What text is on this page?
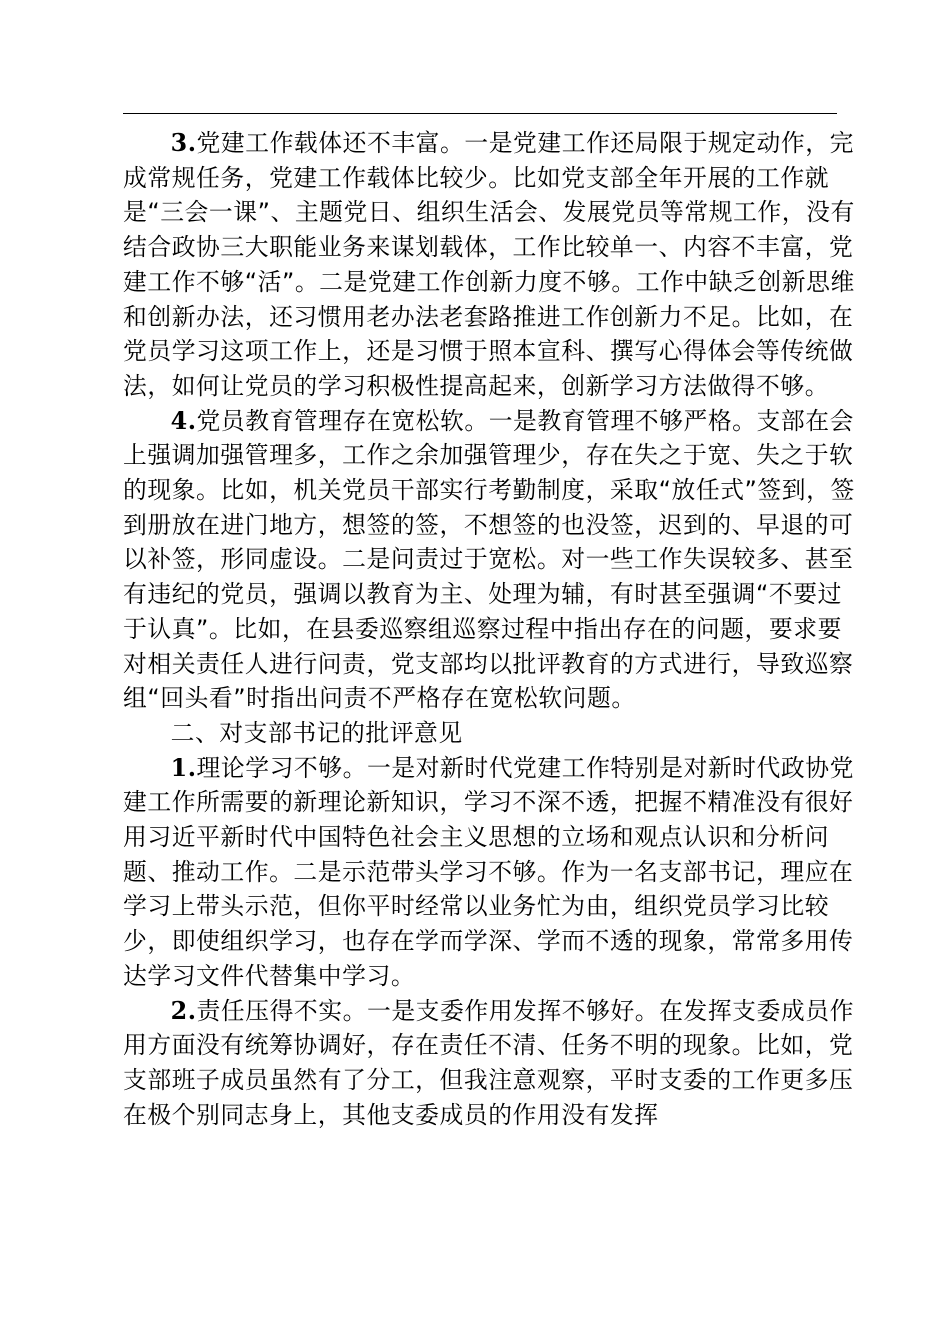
3.党建工作载体还不丰富。一是党建工作还局限于规定动作，完成常规任务，党建工作载体比较少。比如党支部全年开展的工作就是“三会一课”、主题党日、组织生活会、发展党员等常规工作，没有结合政协三大职能业务来谋划载体，工作比较单一、内容不丰富，党建工作不够“活”。二是党建工作创新力度不够。工作中缺乏创新思维和创新办法，还习惯用老办法老套路推进工作创新力不足。比如，在党员学习这项工作上，还是习惯于照本宣科、撰写心得体会等传统做法，如何让党员的学习积极性提高起来，创新学习方法做得不够。

4.党员教育管理存在宽松软。一是教育管理不够严格。支部在会上强调加强管理多，工作之余加强管理少，存在失之于宽、失之于软的现象。比如，机关党员干部实行考勤制度，采取“放任式”签到，签到册放在进门地方，想签的签，不想签的也没签，迟到的、早退的可以补签，形同虚设。二是问责过于宽松。对一些工作失误较多、甚至有违纪的党员，强调以教育为主、处理为辅，有时甚至强调“不要过于认真”。比如，在县委巡察组巡察过程中指出存在的问题，要求要对相关责任人进行问责，党支部均以批评教育的方式进行，导致巡察组“回头看”时指出问责不严格存在宽松软问题。

二、对支部书记的批评意见

1.理论学习不够。一是对新时代党建工作特别是对新时代政协党建工作所需要的新理论新知识，学习不深不透，把握不精准没有很好用习近平新时代中国特色社会主义思想的立场和观点认识和分析问题、推动工作。二是示范带头学习不够。作为一名支部书记，理应在学习上带头示范，但你平时经常以业务忙为由，组织党员学习比较少，即使组织学习，也存在学而学深、学而不透的现象，常常多用传达学习文件代替集中学习。

2.责任压得不实。一是支委作用发挥不够好。在发挥支委成员作用方面没有统筹协调好，存在责任不清、任务不明的现象。比如，党支部班子成员虽然有了分工，但我注意观察，平时支委的工作更多压在极个别同志身上，其他支委成员的作用没有发挥
